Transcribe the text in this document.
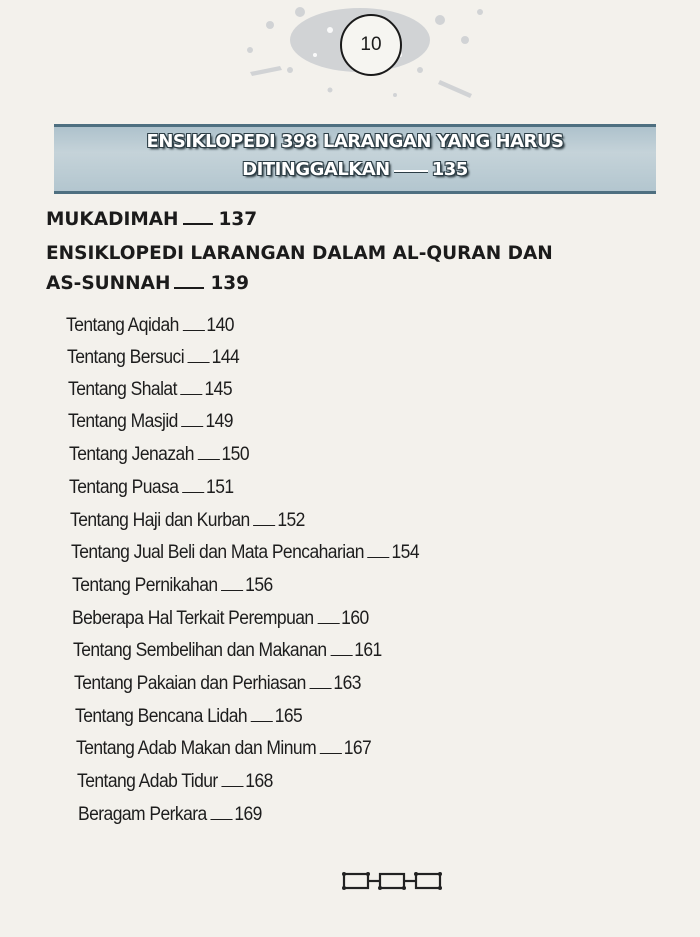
10
ENSIKLOPEDI 398 LARANGAN YANG HARUS
DITINGGALKAN 135
MUKADIMAH 137
ENSIKLOPEDI LARANGAN DALAM AL-QURAN DAN
AS-SUNNAH 139
Tentang Aqidah 140
Tentang Bersuci 144
Tentang Shalat 145
Tentang Masjid 149
Tentang Jenazah 150
Tentang Puasa 151
Tentang Haji dan Kurban 152
Tentang Jual Beli dan Mata Pencaharian 154
Tentang Pernikahan 156
Beberapa Hal Terkait Perempuan 160
Tentang Sembelihan dan Makanan 161
Tentang Pakaian dan Perhiasan 163
Tentang Bencana Lidah 165
Tentang Adab Makan dan Minum 167
Tentang Adab Tidur 168
Beragam Perkara 169
